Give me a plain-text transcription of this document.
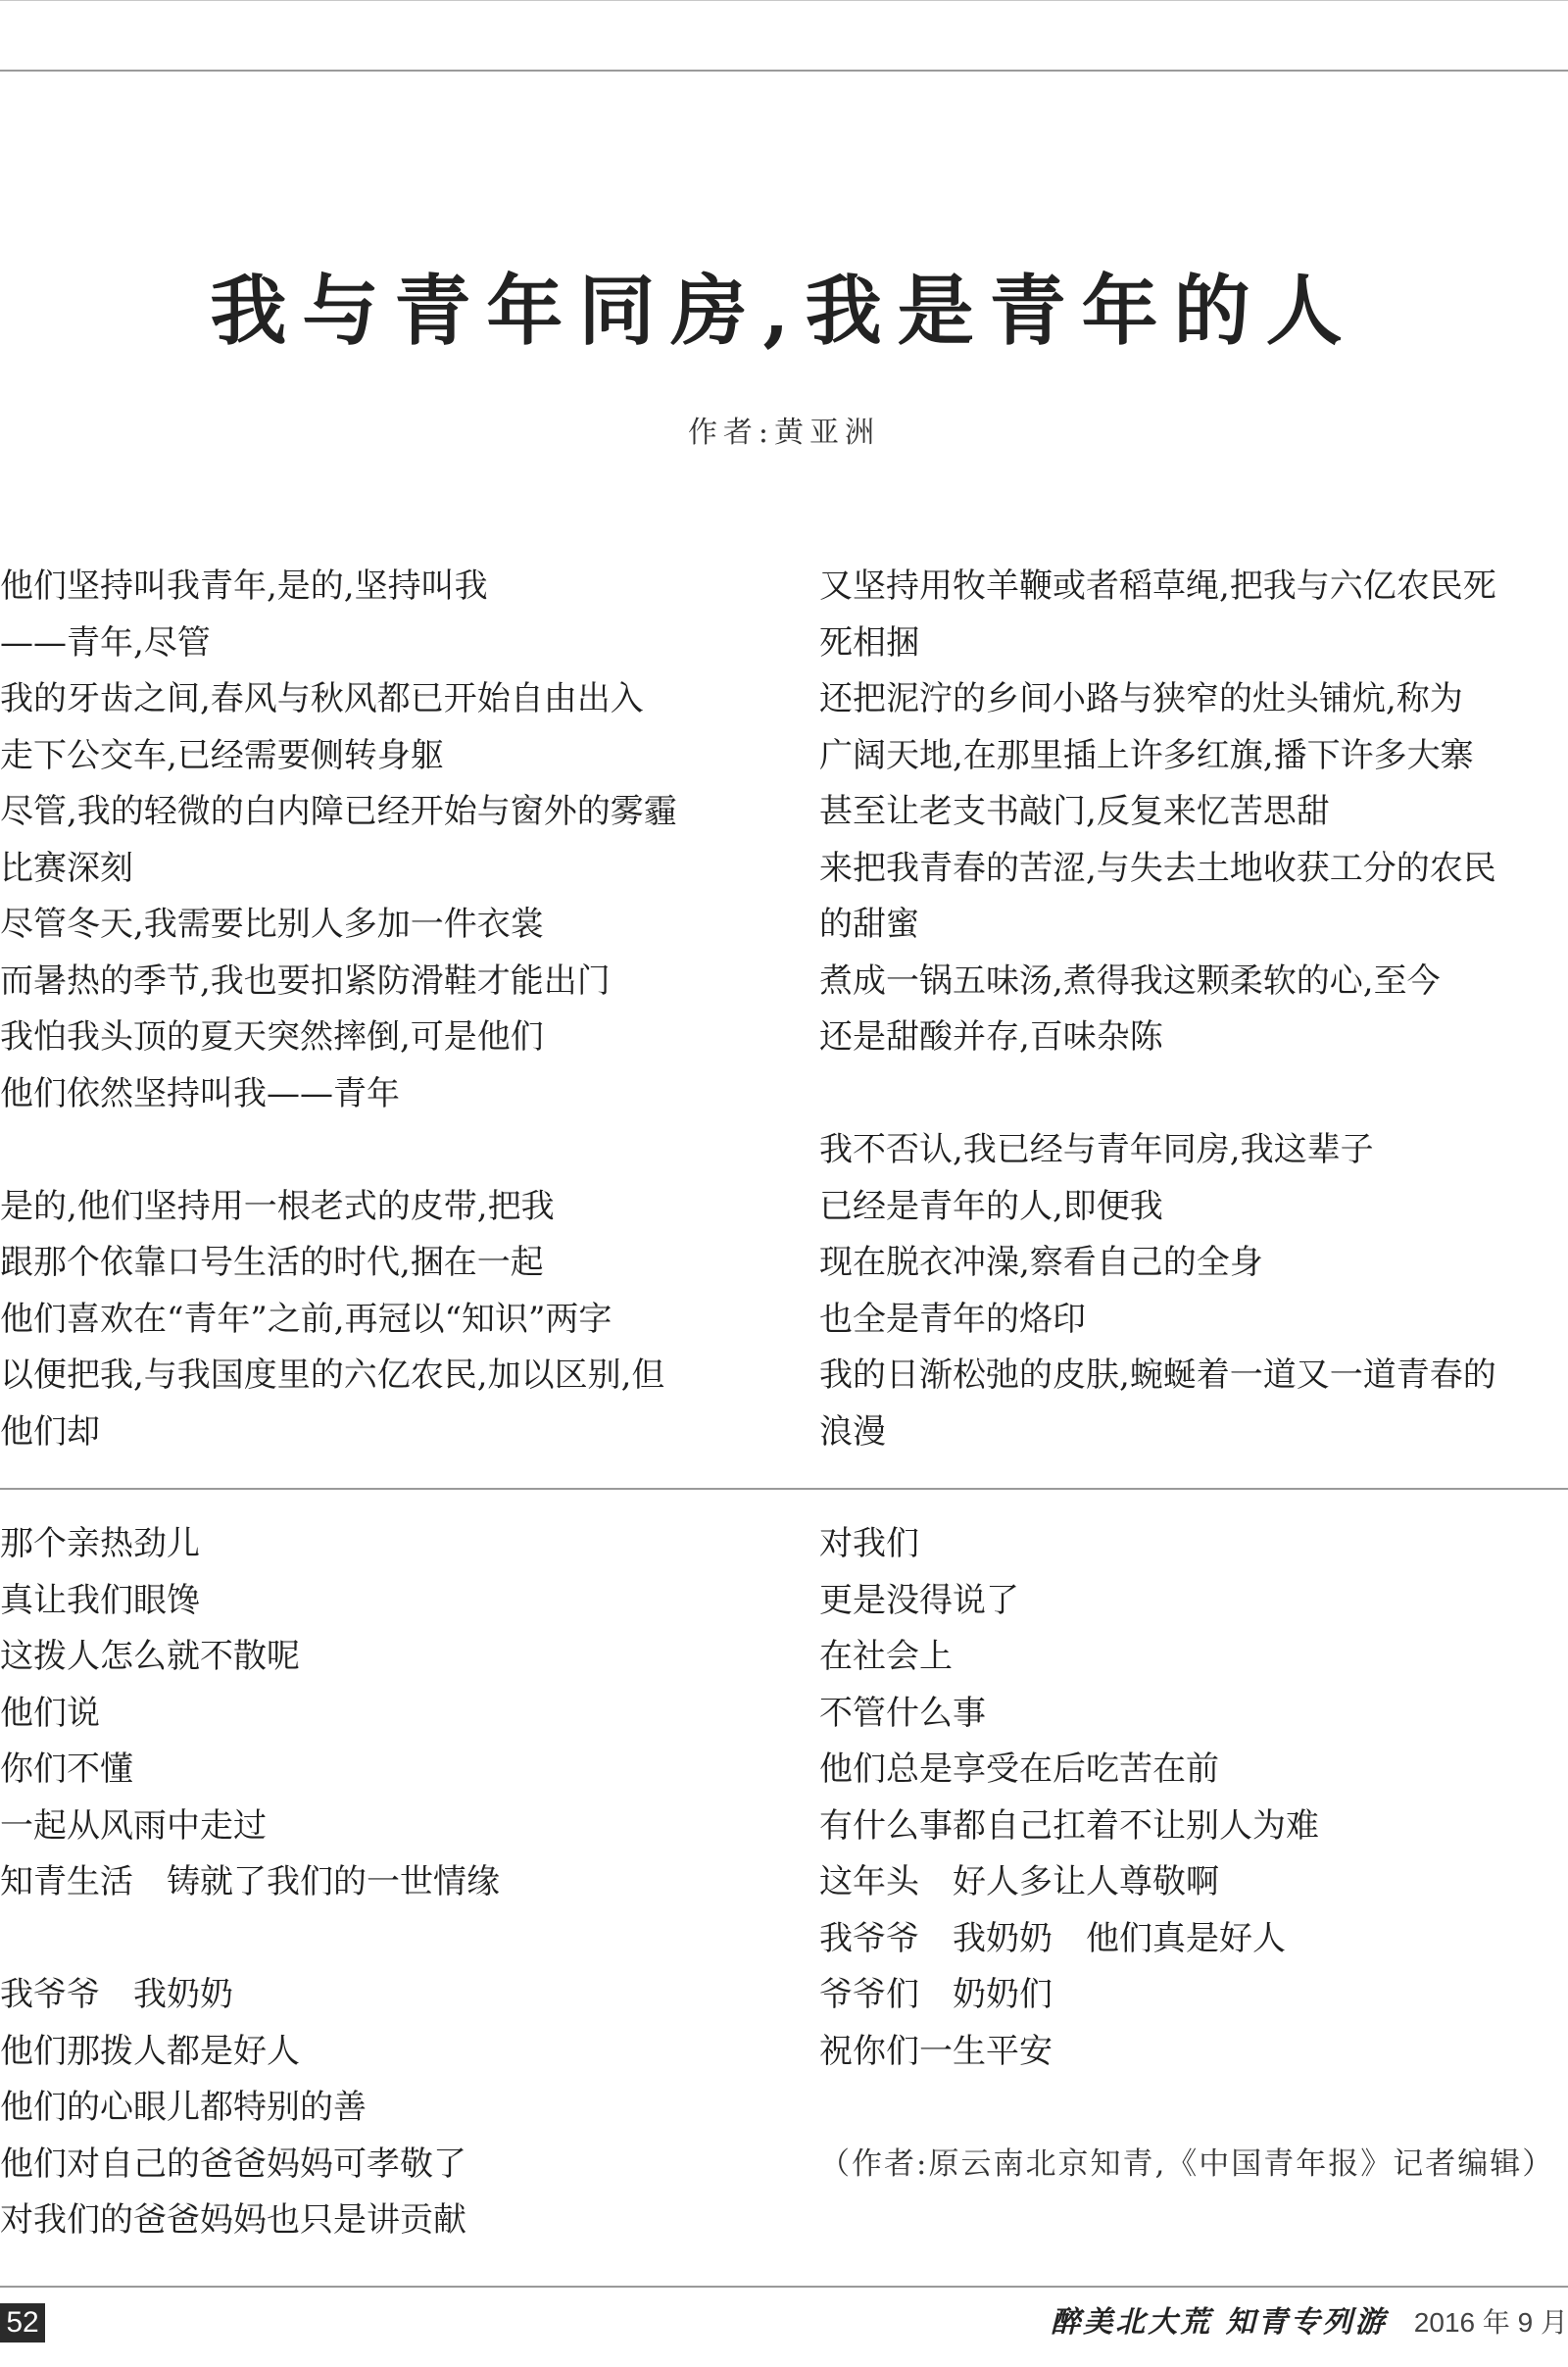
我与青年同房,我是青年的人
作者:黄亚洲
他们坚持叫我青年,是的,坚持叫我
——青年,尽管
我的牙齿之间,春风与秋风都已开始自由出入
走下公交车,已经需要侧转身躯
尽管,我的轻微的白内障已经开始与窗外的雾霾
比赛深刻
尽管冬天,我需要比别人多加一件衣裳
而暑热的季节,我也要扣紧防滑鞋才能出门
我怕我头顶的夏天突然摔倒,可是他们
他们依然坚持叫我——青年
是的,他们坚持用一根老式的皮带,把我
跟那个依靠口号生活的时代,捆在一起
他们喜欢在“青年”之前,再冠以“知识”两字
以便把我,与我国度里的六亿农民,加以区别,但
他们却
又坚持用牧羊鞭或者稻草绳,把我与六亿农民死
死相捆
还把泥泞的乡间小路与狭窄的灶头铺炕,称为
广阔天地,在那里插上许多红旗,播下许多大寨
甚至让老支书敲门,反复来忆苦思甜
来把我青春的苦涩,与失去土地收获工分的农民
的甜蜜
煮成一锅五味汤,煮得我这颗柔软的心,至今
还是甜酸并存,百味杂陈
我不否认,我已经与青年同房,我这辈子
已经是青年的人,即便我
现在脱衣冲澡,察看自己的全身
也全是青年的烙印
我的日渐松弛的皮肤,蜿蜒着一道又一道青春的
浪漫
那个亲热劲儿
真让我们眼馋
这拨人怎么就不散呢
他们说
你们不懂
一起从风雨中走过
知青生活　铸就了我们的一世情缘
我爷爷　我奶奶
他们那拨人都是好人
他们的心眼儿都特别的善
他们对自己的爸爸妈妈可孝敬了
对我们的爸爸妈妈也只是讲贡献
对我们
更是没得说了
在社会上
不管什么事
他们总是享受在后吃苦在前
有什么事都自己扛着不让别人为难
这年头　好人多让人尊敬啊
我爷爷　我奶奶　他们真是好人
爷爷们　奶奶们
祝你们一生平安
（作者:原云南北京知青,《中国青年报》记者编辑）
52	醉美北大荒 知青专列游 2016 年 9 月
